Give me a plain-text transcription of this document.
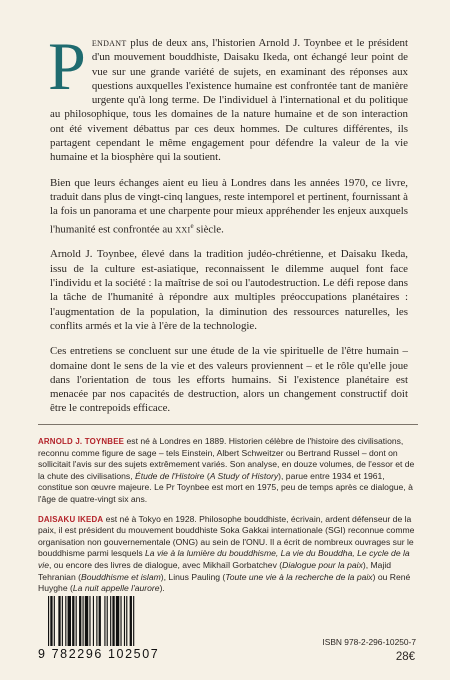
Pendant plus de deux ans, l'historien Arnold J. Toynbee et le président d'un mouvement bouddhiste, Daisaku Ikeda, ont échangé leur point de vue sur une grande variété de sujets, en examinant des réponses aux questions auxquelles l'existence humaine est confrontée tant de manière urgente qu'à long terme. De l'individuel à l'international et du politique au philosophique, tous les domaines de la nature humaine et de son interaction ont été vivement débattus par ces deux hommes. De cultures différentes, ils partagent cependant le même engagement pour défendre la valeur de la vie humaine et la biosphère qui la soutient.

Bien que leurs échanges aient eu lieu à Londres dans les années 1970, ce livre, traduit dans plus de vingt-cinq langues, reste intemporel et pertinent, fournissant à la fois un panorama et une charpente pour mieux appréhender les enjeux auxquels l'humanité est confrontée au xxi$^e$ siècle.

Arnold J. Toynbee, élevé dans la tradition judéo-chrétienne, et Daisaku Ikeda, issu de la culture est-asiatique, reconnaissent le dilemme auquel font face l'individu et la société : la maîtrise de soi ou l'autodestruction. Le défi repose dans la tâche de l'humanité à répondre aux multiples préoccupations planétaires : l'augmentation de la population, la diminution des ressources naturelles, les conflits armés et la vie à l'ère de la technologie.

Ces entretiens se concluent sur une étude de la vie spirituelle de l'être humain – domaine dont le sens de la vie et des valeurs proviennent – et le rôle qu'elle joue dans l'orientation de tous les efforts humains. Si l'existence planétaire est menacée par nos capacités de destruction, alors un changement constructif doit être le contrepoids efficace.

ARNOLD J. TOYNBEE est né à Londres en 1889. Historien célèbre de l'histoire des civilisations, reconnu comme figure de sage – tels Einstein, Albert Schweitzer ou Bertrand Russel – dont on sollicitait l'avis sur des sujets extrêmement variés. Son analyse, en douze volumes, de l'essor et de la chute des civilisations, Étude de l'Histoire (A Study of History), parue entre 1934 et 1961, constitue son œuvre majeure. Le Pr Toynbee est mort en 1975, peu de temps après ce dialogue, à l'âge de quatre-vingt six ans.

DAISAKU IKEDA est né à Tokyo en 1928. Philosophe bouddhiste, écrivain, ardent défenseur de la paix, il est président du mouvement bouddhiste Soka Gakkai internationale (SGI) reconnue comme organisation non gouvernementale (ONG) au sein de l'ONU. Il a écrit de nombreux ouvrages sur le bouddhisme parmi lesquels La vie à la lumière du bouddhisme, La vie du Bouddha, Le cycle de la vie, ou encore des livres de dialogue, avec Mikhaïl Gorbatchev (Dialogue pour la paix), Majid Tehranian (Bouddhisme et islam), Linus Pauling (Toute une vie à la recherche de la paix) ou René Huyghe (La nuit appelle l'aurore).

9 782296 102507
ISBN 978-2-296-10250-7
28€
